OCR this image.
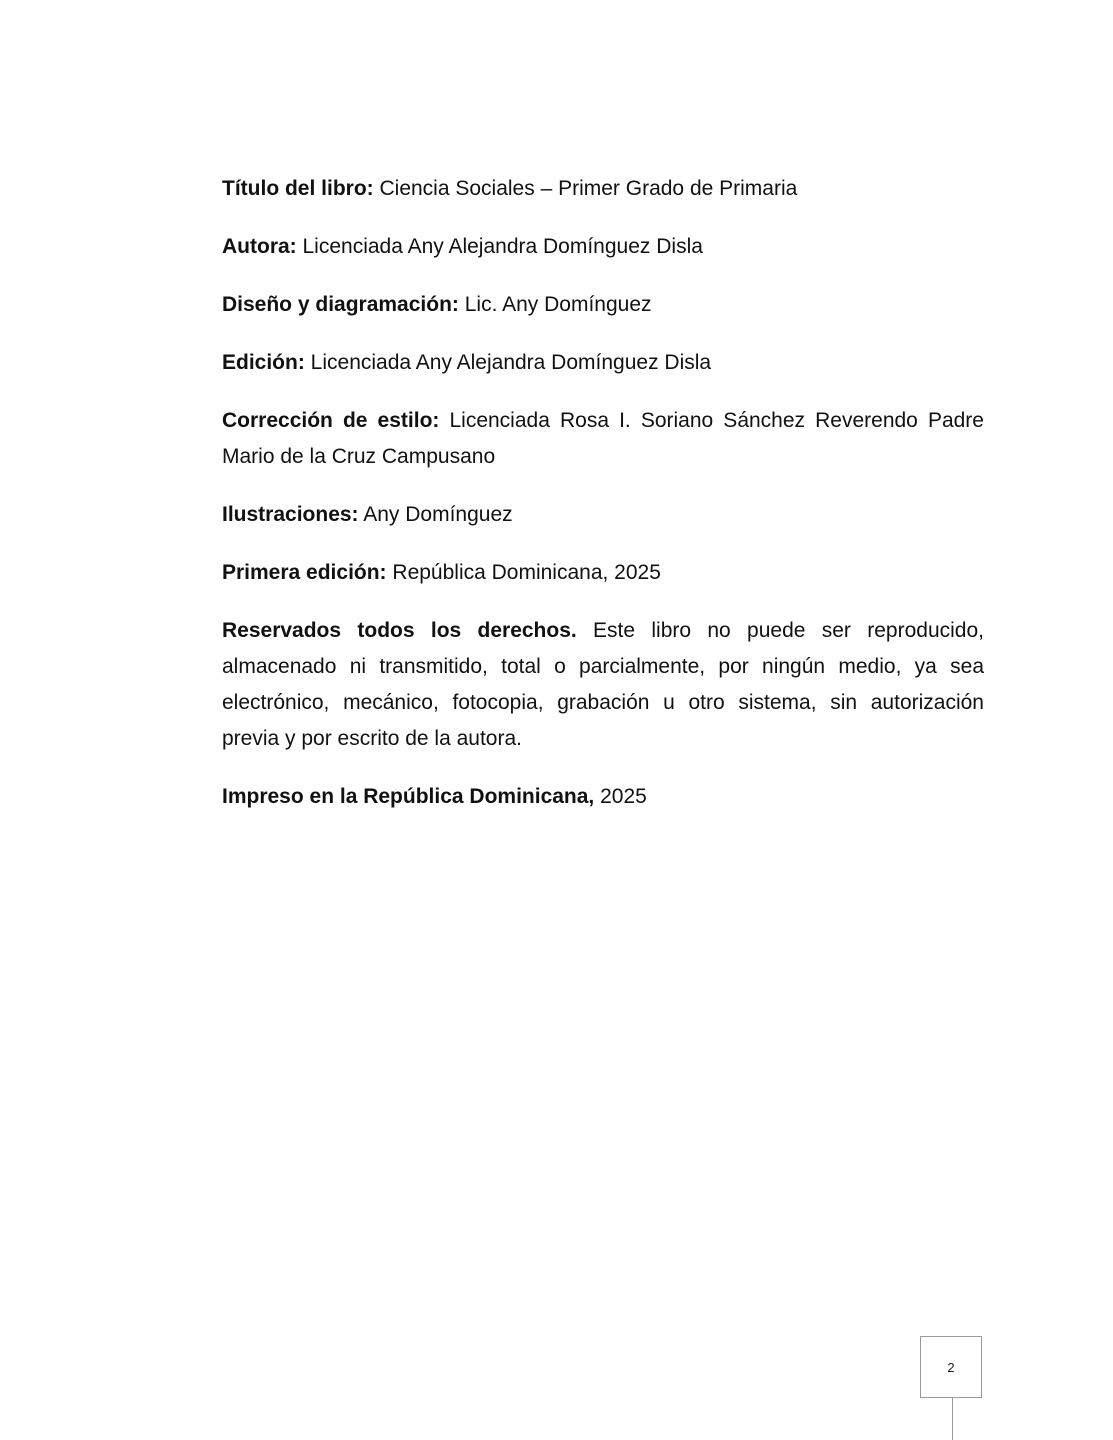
Título del libro: Ciencia Sociales – Primer Grado de Primaria

Autora: Licenciada Any Alejandra Domínguez Disla

Diseño y diagramación: Lic. Any Domínguez

Edición: Licenciada Any Alejandra Domínguez Disla

Corrección de estilo: Licenciada Rosa I. Soriano Sánchez Reverendo Padre Mario de la Cruz Campusano

Ilustraciones: Any Domínguez

Primera edición: República Dominicana, 2025

Reservados todos los derechos. Este libro no puede ser reproducido, almacenado ni transmitido, total o parcialmente, por ningún medio, ya sea electrónico, mecánico, fotocopia, grabación u otro sistema, sin autorización previa y por escrito de la autora.

Impreso en la República Dominicana, 2025

2
